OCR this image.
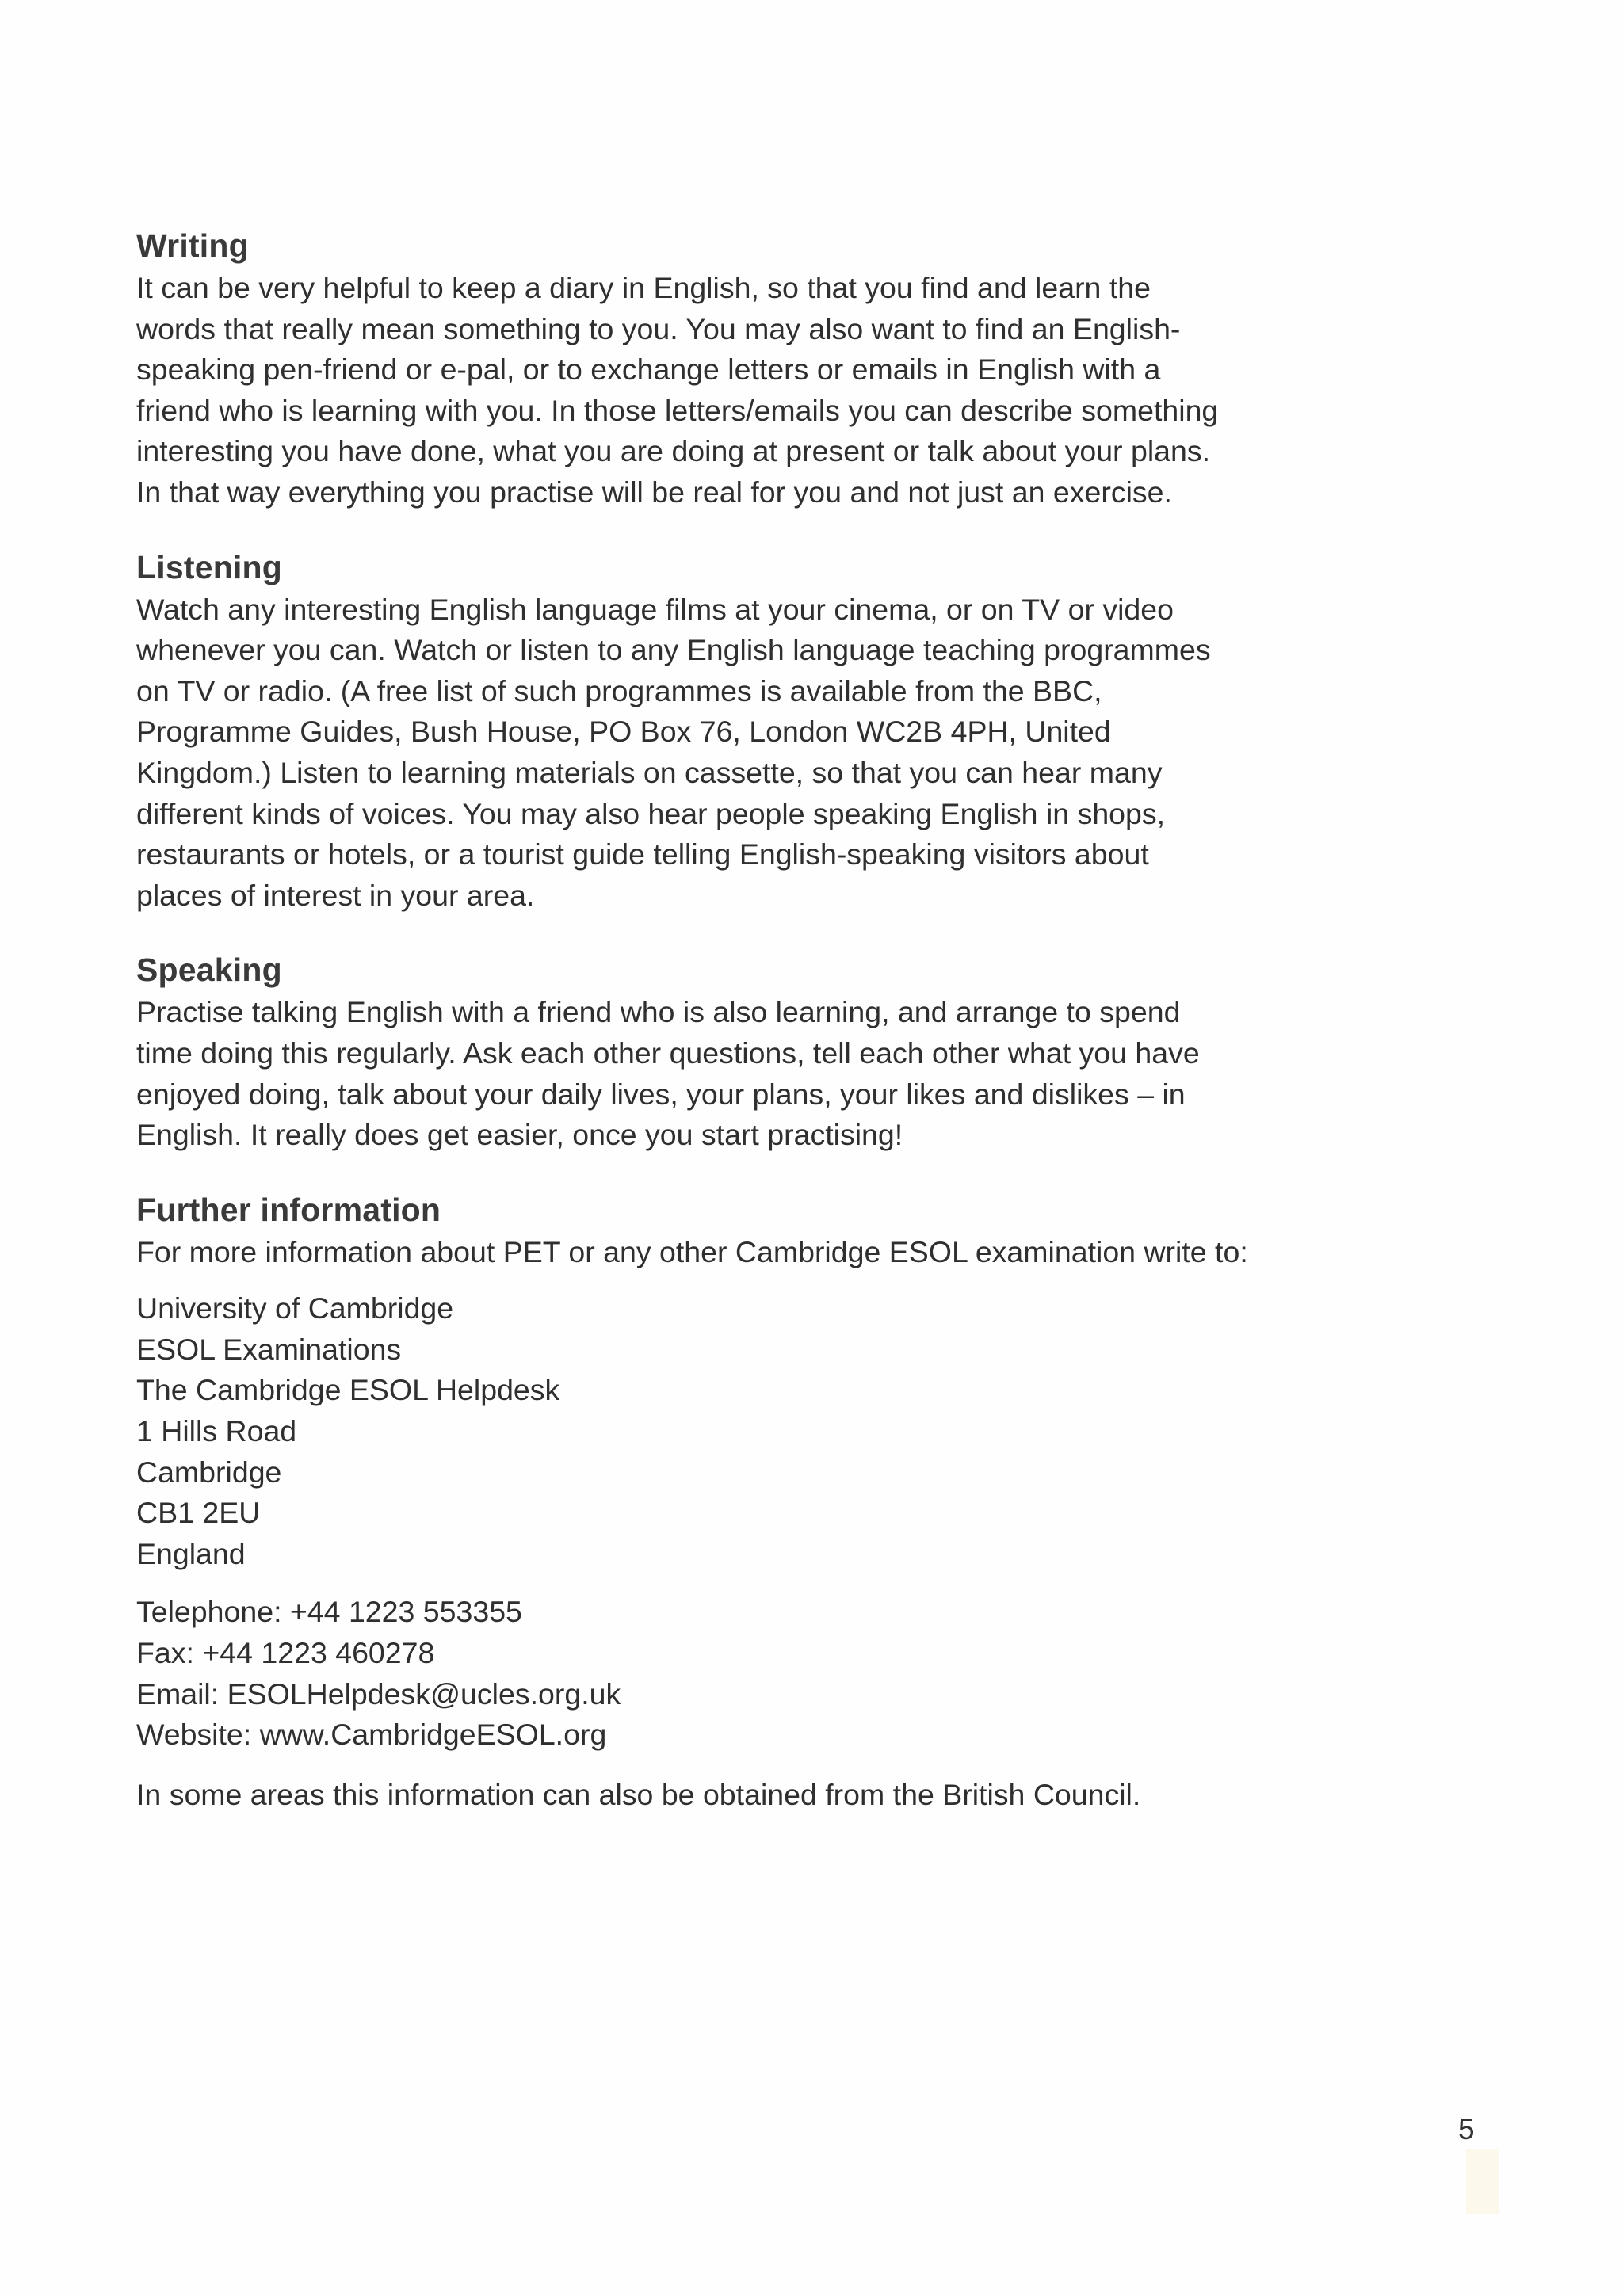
Writing

It can be very helpful to keep a diary in English, so that you find and learn the
words that really mean something to you. You may also want to find an English-
speaking pen-friend or e-pal, or to exchange letters or emails in English with a
friend who is learning with you. In those letters/emails you can describe something
interesting you have done, what you are doing at present or talk about your plans.
In that way everything you practise will be real for you and not just an exercise.

Listening

Watch any interesting English language films at your cinema, or on TV or video
whenever you can. Watch or listen to any English language teaching programmes
on TV or radio. (A free list of such programmes is available from the BBC,
Programme Guides, Bush House, PO Box 76, London WC2B 4PH, United
Kingdom.) Listen to learning materials on cassette, so that you can hear many
different kinds of voices. You may also hear people speaking English in shops,
restaurants or hotels, or a tourist guide telling English-speaking visitors about
places of interest in your area.

Speaking

Practise talking English with a friend who is also learning, and arrange to spend
time doing this regularly. Ask each other questions, tell each other what you have
enjoyed doing, talk about your daily lives, your plans, your likes and dislikes – in
English. It really does get easier, once you start practising!

Further information

For more information about PET or any other Cambridge ESOL examination write to:

University of Cambridge
ESOL Examinations
The Cambridge ESOL Helpdesk
1 Hills Road
Cambridge
CB1 2EU
England

Telephone: +44 1223 553355
Fax: +44 1223 460278
Email: ESOLHelpdesk@ucles.org.uk
Website: www.CambridgeESOL.org

In some areas this information can also be obtained from the British Council.

5
